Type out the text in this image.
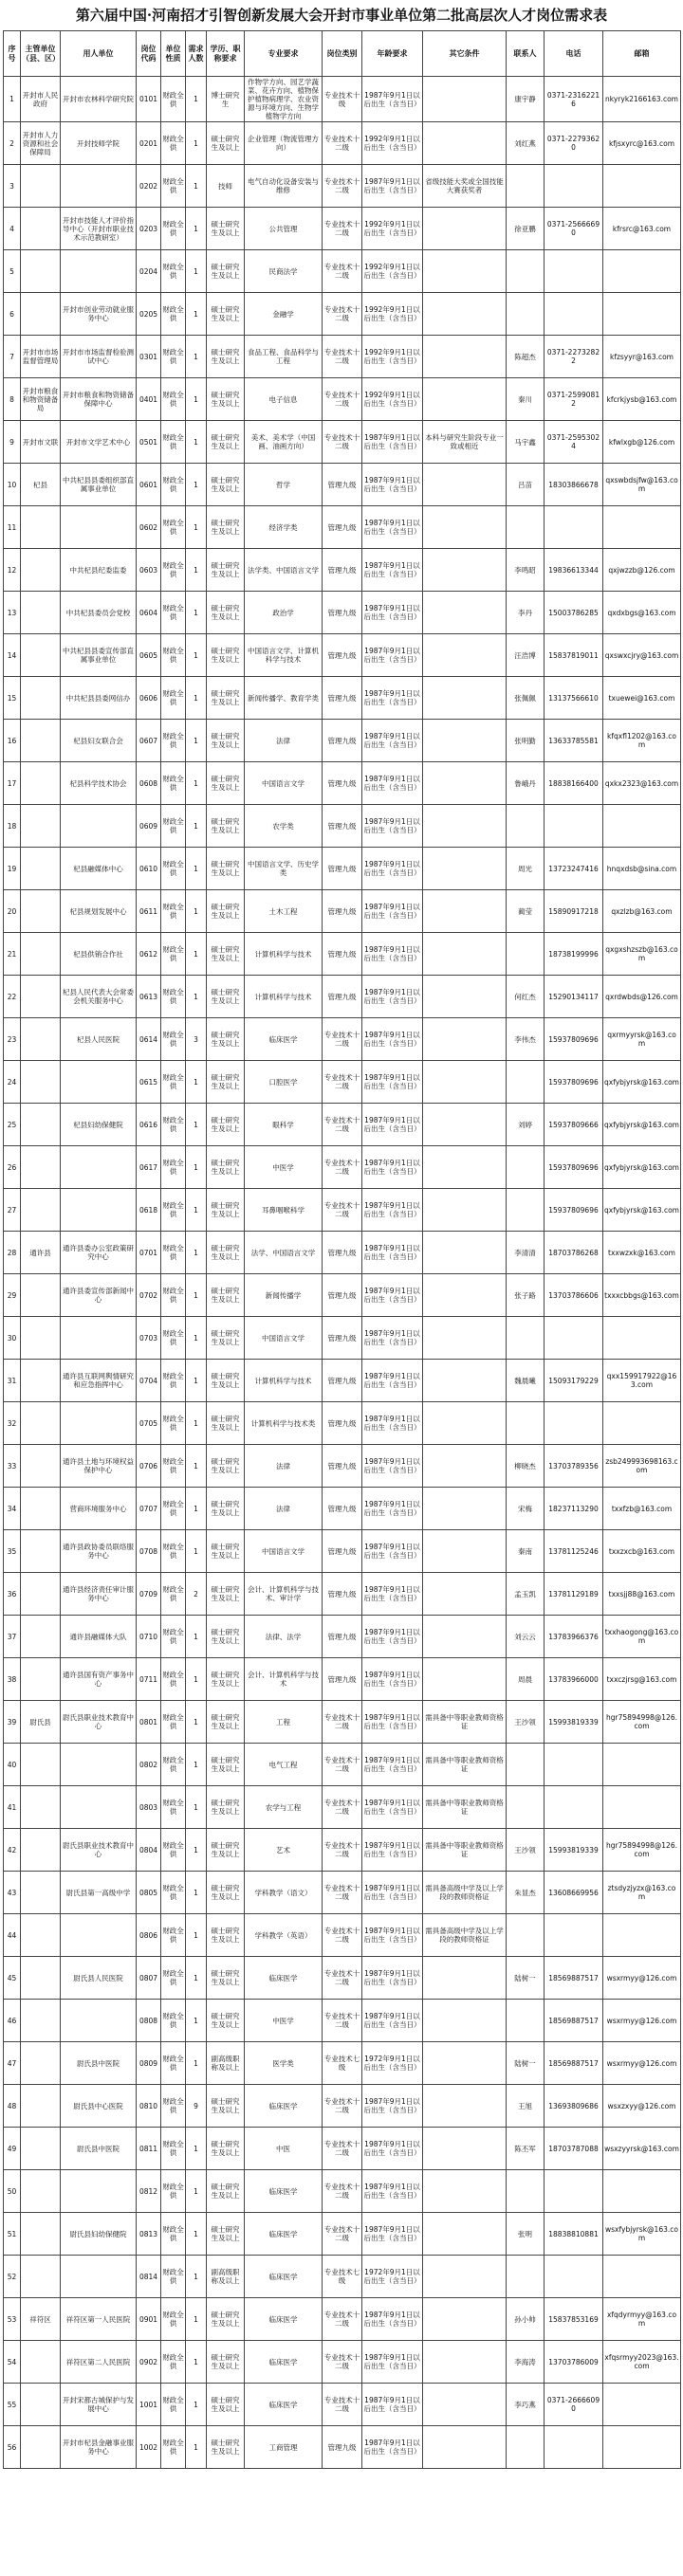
第六届中国·河南招才引智创新发展大会开封市事业单位第二批高层次人才岗位需求表
序号	主管单位（县、区）	用人单位	岗位代码	单位性质	需求人数	学历、职称要求	专业要求	岗位类别	年龄要求	其它条件	联系人	电话	邮箱
1	开封市人民政府	开封市农林科学研究院	0101	财政全供	1	博士研究生	作物学方向、园艺学蔬菜、花卉方向、植物保护植物病理学、农业资源与环境方向、生物学植物学方向	专业技术十级	1987年9月1日以后出生（含当日）		康宇静	0371-23162216	nkyryk2166163.com
2	开封市人力资源和社会保障局	开封技师学院	0201	财政全供	1	硕士研究生及以上	企业管理（物流管理方向）	专业技术十二级	1992年9月1日以后出生（含当日）		刘红燕	0371-22793620	kfjsxyrc@163.com
3			0202	财政全供	1	技师	电气自动化设备安装与维修	专业技术十二级	1987年9月1日以后出生（含当日）	省级技能大奖或全国技能大赛获奖者			
4		开封市技能人才评价指导中心（开封市职业技术示范教研室）	0203	财政全供	1	硕士研究生及以上	公共管理	专业技术十二级	1992年9月1日以后出生（含当日）		徐亚鹏	0371-25666690	kfrsrc@163.com
5			0204	财政全供	1	硕士研究生及以上	民商法学	专业技术十二级	1992年9月1日以后出生（含当日）				
6		开封市创业劳动就业服务中心	0205	财政全供	1	硕士研究生及以上	金融学	专业技术十二级	1992年9月1日以后出生（含当日）				
7	开封市市场监督管理局	开封市市场监督检验测试中心	0301	财政全供	1	硕士研究生及以上	食品工程、食品科学与工程	专业技术十二级	1992年9月1日以后出生（含当日）		陈超杰	0371-22732822	kfzsyyr@163.com
8	开封市粮食和物资储备局	开封市粮食和物资储备保障中心	0401	财政全供	1	硕士研究生及以上	电子信息	专业技术十二级	1992年9月1日以后出生（含当日）		秦川	0371-25990812	kfcrkjysb@163.com
9	开封市文联	开封市文学艺术中心	0501	财政全供	1	硕士研究生及以上	美术、美术学（中国画、油画方向）	专业技术十二级	1987年9月1日以后出生（含当日）	本科与研究生阶段专业一致或相近	马宇鑫	0371-25953024	kfwlxgb@126.com
10	杞县	中共杞县县委组织部直属事业单位	0601	财政全供	1	硕士研究生及以上	哲学	管理九级	1987年9月1日以后出生（含当日）		吕苗	18303866678	qxswbdsjfw@163.com
11			0602	财政全供	1	硕士研究生及以上	经济学类	管理九级	1987年9月1日以后出生（含当日）				
12		中共杞县纪委监委	0603	财政全供	1	硕士研究生及以上	法学类、中国语言文学	管理九级	1987年9月1日以后出生（含当日）		李鸣昭	19836613344	qxjwzzb@126.com
13		中共杞县委员会党校	0604	财政全供	1	硕士研究生及以上	政治学	管理九级	1987年9月1日以后出生（含当日）		李丹	15003786285	qxdxbgs@163.com
14		中共杞县县委宣传部直属事业单位	0605	财政全供	1	硕士研究生及以上	中国语言文学、计算机科学与技术	管理九级	1987年9月1日以后出生（含当日）		汪浩博	15837819011	qxswxcjry@163.com
15		中共杞县县委网信办	0606	财政全供	1	硕士研究生及以上	新闻传播学、教育学类	管理九级	1987年9月1日以后出生（含当日）		张佩佩	13137566610	txuewei@163.com
16		杞县妇女联合会	0607	财政全供	1	硕士研究生及以上	法律	管理九级	1987年9月1日以后出生（含当日）		张明勤	13633785581	kfqxfl1202@163.com
17		杞县科学技术协会	0608	财政全供	1	硕士研究生及以上	中国语言文学	管理九级	1987年9月1日以后出生（含当日）		鲁峨丹	18838166400	qxkx2323@163.com
18			0609	财政全供	1	硕士研究生及以上	农学类	管理九级	1987年9月1日以后出生（含当日）				
19		杞县融媒体中心	0610	财政全供	1	硕士研究生及以上	中国语言文学、历史学类	管理九级	1987年9月1日以后出生（含当日）		周光	13723247416	hnqxdsb@sina.com
20		杞县规划发展中心	0611	财政全供	1	硕士研究生及以上	土木工程	管理九级	1987年9月1日以后出生（含当日）		蔺莹	15890917218	qxzlzb@163.com
21		杞县供销合作社	0612	财政全供	1	硕士研究生及以上	计算机科学与技术	管理九级	1987年9月1日以后出生（含当日）			18738199996	qxgxshzszb@163.com
22		杞县人民代表大会常委会机关服务中心	0613	财政全供	1	硕士研究生及以上	计算机科学与技术	管理九级	1987年9月1日以后出生（含当日）		何红杰	15290134117	qxrdwbds@126.com
23		杞县人民医院	0614	财政全供	3	硕士研究生及以上	临床医学	专业技术十二级	1987年9月1日以后出生（含当日）		李伟杰	15937809696	qxrmyyrsk@163.com
24			0615	财政全供	1	硕士研究生及以上	口腔医学	专业技术十二级	1987年9月1日以后出生（含当日）			15937809696	qxfybjyrsk@163.com
25		杞县妇幼保健院	0616	财政全供	1	硕士研究生及以上	眼科学	专业技术十二级	1987年9月1日以后出生（含当日）		刘婷	15937809666	qxfybjyrsk@163.com
26			0617	财政全供	1	硕士研究生及以上	中医学	专业技术十二级	1987年9月1日以后出生（含当日）			15937809696	qxfybjyrsk@163.com
27			0618	财政全供	1	硕士研究生及以上	耳鼻咽喉科学	专业技术十二级	1987年9月1日以后出生（含当日）			15937809696	qxfybjyrsk@163.com
28	通许县	通许县委办公室政策研究中心	0701	财政全供	1	硕士研究生及以上	法学、中国语言文学	管理九级	1987年9月1日以后出生（含当日）		李清清	18703786268	txxwzxk@163.com
29		通许县委宣传部新闻中心	0702	财政全供	1	硕士研究生及以上	新闻传播学	管理九级	1987年9月1日以后出生（含当日）		张子路	13703786606	txxxcbbgs@163.com
30			0703	财政全供	1	硕士研究生及以上	中国语言文学	管理九级	1987年9月1日以后出生（含当日）				
31		通许县互联网舆情研究和应急指挥中心	0704	财政全供	1	硕士研究生及以上	计算机科学与技术	管理九级	1987年9月1日以后出生（含当日）		魏晨曦	15093179229	qxx159917922@163.com
32			0705	财政全供	1	硕士研究生及以上	计算机科学与技术类	管理九级	1987年9月1日以后出生（含当日）				
33		通许县土地与环境权益保护中心	0706	财政全供	1	硕士研究生及以上	法律	管理九级	1987年9月1日以后出生（含当日）		柳晓杰	13703789356	zsb249993698163.com
34		营商环境服务中心	0707	财政全供	1	硕士研究生及以上	法律	管理九级	1987年9月1日以后出生（含当日）		宋梅	18237113290	txxfzb@163.com
35		通许县政协委员联络服务中心	0708	财政全供	1	硕士研究生及以上	中国语言文学	管理九级	1987年9月1日以后出生（含当日）		秦南	13781125246	txxzxcb@163.com
36		通许县经济责任审计服务中心	0709	财政全供	2	硕士研究生及以上	会计、计算机科学与技术、审计学	管理九级	1987年9月1日以后出生（含当日）		孟玉凯	13781129189	txxsjj88@163.com
37		通许县融媒体大队	0710	财政全供	1	硕士研究生及以上	法律、法学	管理九级	1987年9月1日以后出生（含当日）		刘云云	13783966376	txxhaogong@163.com
38		通许县国有资产事务中心	0711	财政全供	1	硕士研究生及以上	会计、计算机科学与技术	管理九级	1987年9月1日以后出生（含当日）		周晨	13783966000	txxczjrsg@163.com
39	尉氏县	尉氏县职业技术教育中心	0801	财政全供	1	硕士研究生及以上	工程	专业技术十二级	1987年9月1日以后出生（含当日）	需具备中等职业教师资格证	王沙领	15993819339	hgr75894998@126.com
40			0802	财政全供	1	硕士研究生及以上	电气工程	专业技术十二级	1987年9月1日以后出生（含当日）	需具备中等职业教师资格证			
41			0803	财政全供	1	硕士研究生及以上	农学与工程	专业技术十二级	1987年9月1日以后出生（含当日）	需具备中等职业教师资格证			
42		尉氏县职业技术教育中心	0804	财政全供	1	硕士研究生及以上	艺术	专业技术十二级	1987年9月1日以后出生（含当日）	需具备中等职业教师资格证	王沙领	15993819339	hgr75894998@126.com
43		尉氏县第一高级中学	0805	财政全供	1	硕士研究生及以上	学科教学（语文）	专业技术十二级	1987年9月1日以后出生（含当日）	需具备高级中学及以上学段的教师资格证	朱显杰	13608669956	ztsdyzjyzx@163.com
44			0806	财政全供	1	硕士研究生及以上	学科教学（英语）	专业技术十二级	1987年9月1日以后出生（含当日）	需具备高级中学及以上学段的教师资格证			
45		尉氏县人民医院	0807	财政全供	1	硕士研究生及以上	临床医学	专业技术十二级	1987年9月1日以后出生（含当日）		陆树一	18569887517	wsxrmyy@126.com
46			0808	财政全供	1	硕士研究生及以上	中医学	专业技术十二级	1987年9月1日以后出生（含当日）			18569887517	wsxrmyy@126.com
47		尉氏县中医院	0809	财政全供	1	副高级职称及以上	医学类	专业技术七级	1972年9月1日以后出生（含当日）		陆树一	18569887517	wsxrmyy@126.com
48		尉氏县中心医院	0810	财政全供	9	硕士研究生及以上	临床医学	专业技术十二级	1987年9月1日以后出生（含当日）		王旭	13693809686	wsxzxyy@126.com
49		尉氏县中医院	0811	财政全供	1	硕士研究生及以上	中医	专业技术十二级	1987年9月1日以后出生（含当日）		陈丕军	18703787088	wsxzyyrsk@163.com
50			0812	财政全供	1	硕士研究生及以上	临床医学	专业技术十二级	1987年9月1日以后出生（含当日）				
51		尉氏县妇幼保健院	0813	财政全供	1	硕士研究生及以上	临床医学	专业技术十二级	1987年9月1日以后出生（含当日）		张明	18838810881	wsxfybjyrsk@163.com
52			0814	财政全供	1	副高级职称及以上	临床医学	专业技术七级	1972年9月1日以后出生（含当日）				
53	祥符区	祥符区第一人民医院	0901	财政全供	1	硕士研究生及以上	临床医学	专业技术十二级	1987年9月1日以后出生（含当日）		孙小帅	15837853169	xfqdyrmyy@163.com
54		祥符区第二人民医院	0902	财政全供	1	硕士研究生及以上	临床医学	专业技术十二级	1987年9月1日以后出生（含当日）		李海涛	13703786009	xfqsrmyy2023@163.com
55		开封宋都古城保护与发展中心	1001	财政全供	1	硕士研究生及以上	临床医学	专业技术十二级	1987年9月1日以后出生（含当日）		李巧燕	0371-26666090	
56		开封市杞县金融事业服务中心	1002	财政全供	1	硕士研究生及以上	工商管理	管理九级	1987年9月1日以后出生（含当日）				
